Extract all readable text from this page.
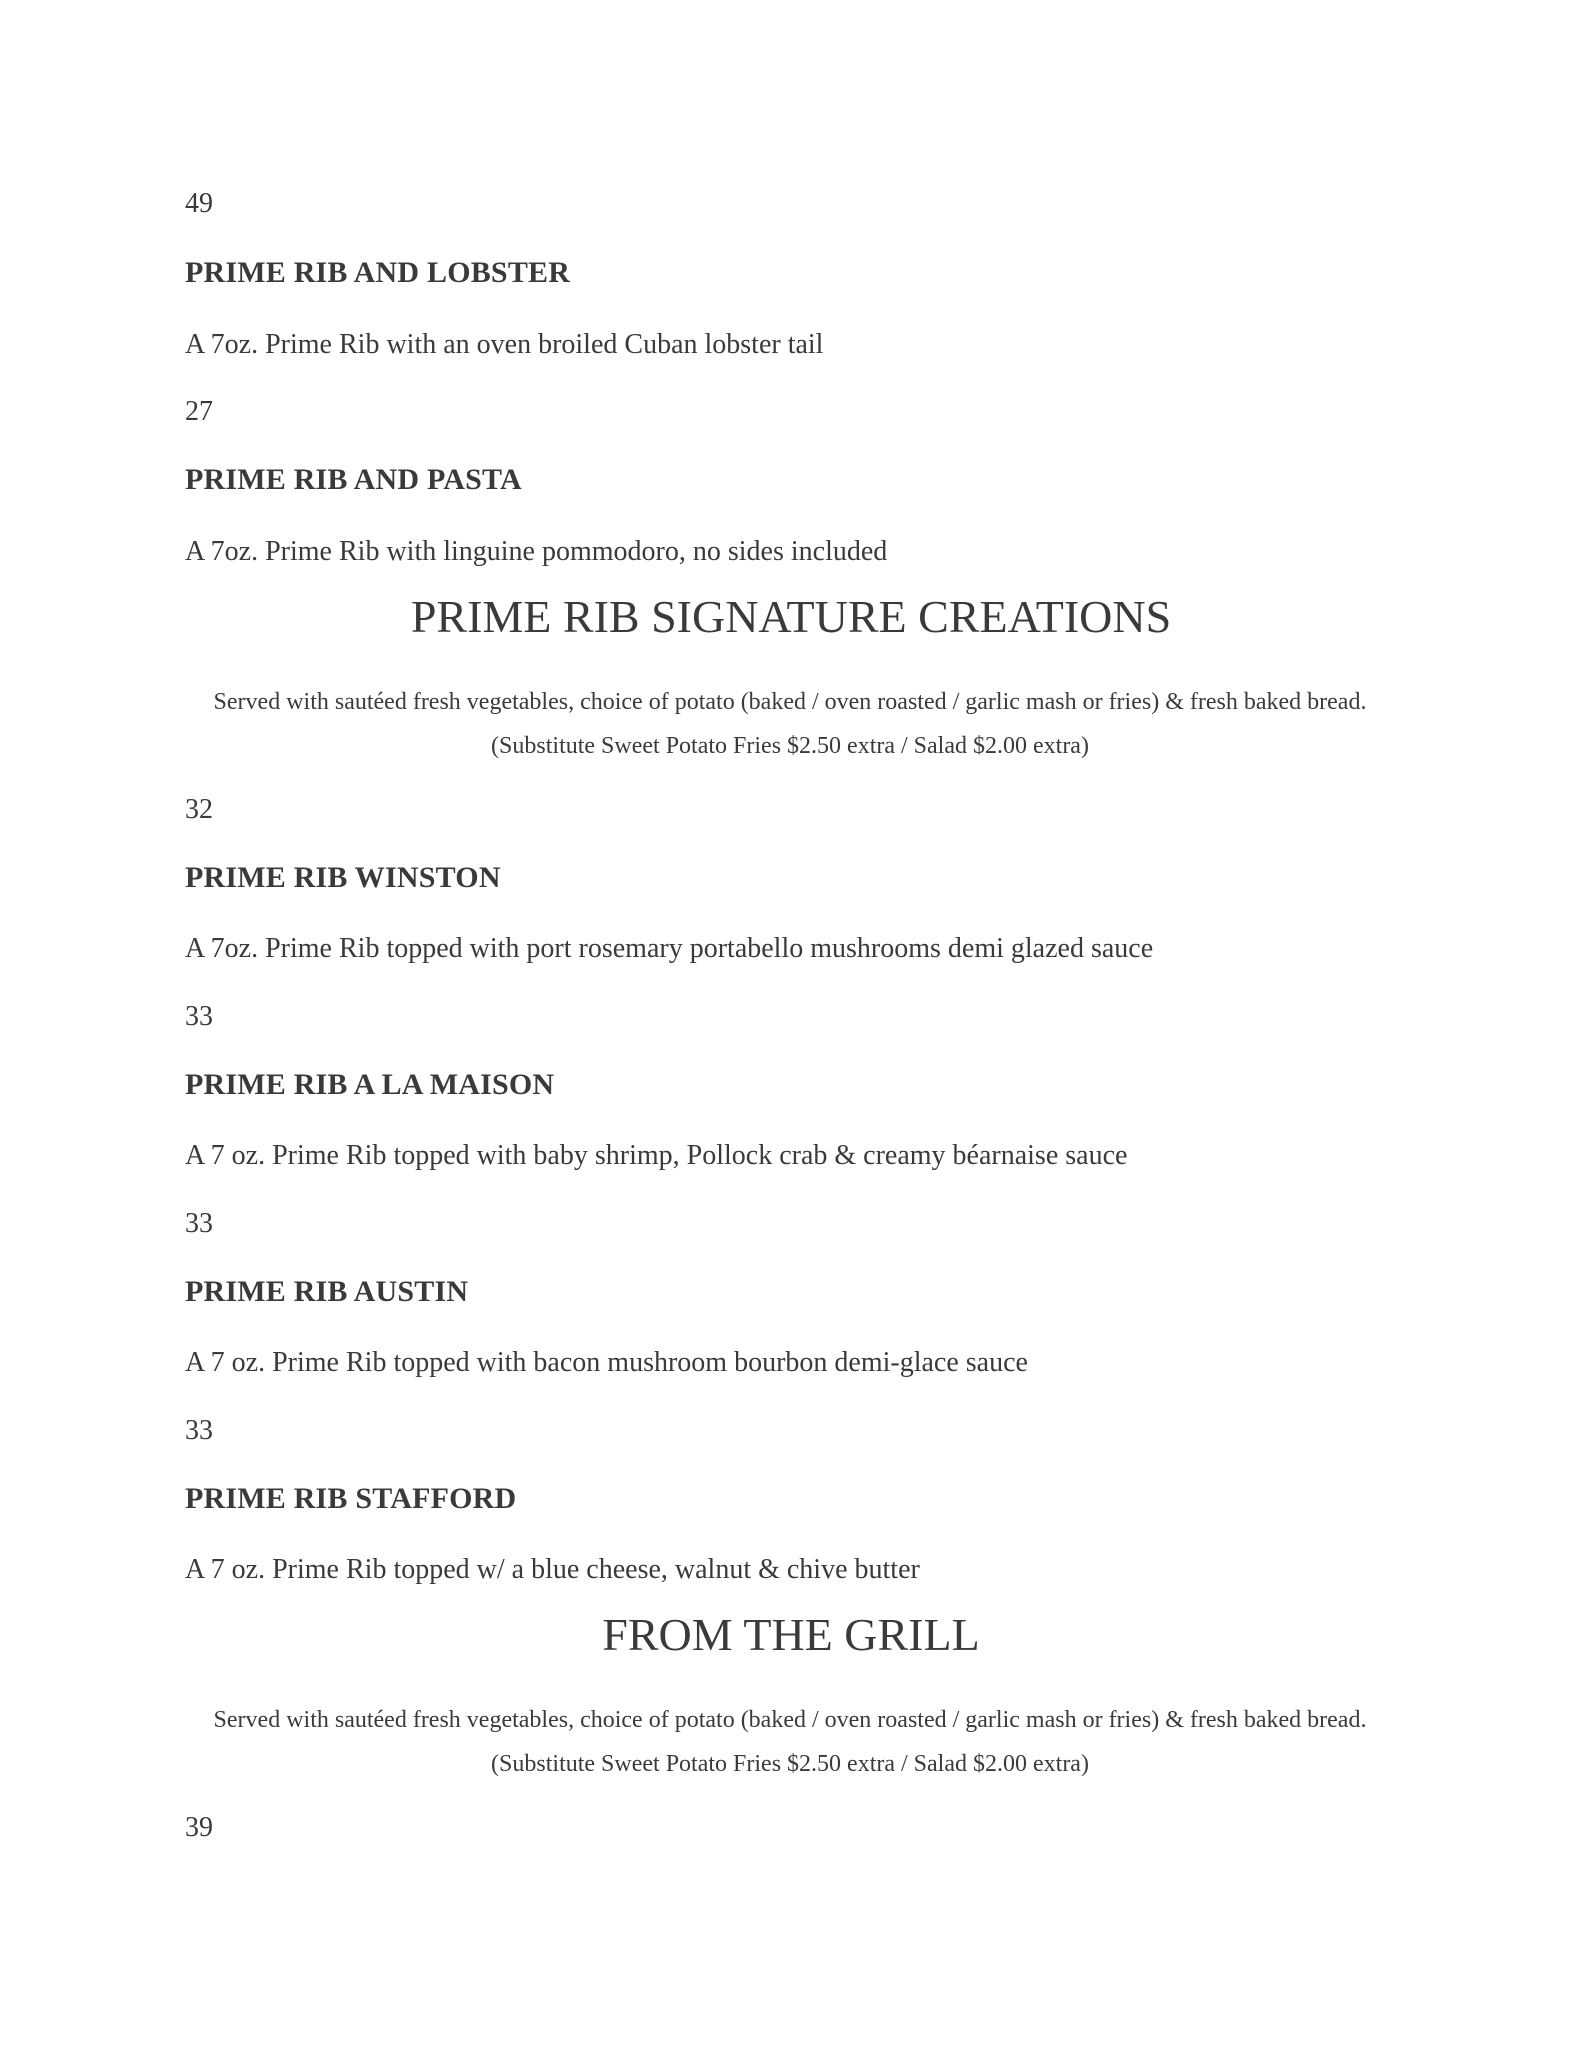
49

PRIME RIB AND LOBSTER

A 7oz. Prime Rib with an oven broiled Cuban lobster tail

27

PRIME RIB AND PASTA

A 7oz. Prime Rib with linguine pommodoro, no sides included

PRIME RIB SIGNATURE CREATIONS

Served with sautéed fresh vegetables, choice of potato (baked / oven roasted / garlic mash or fries) & fresh baked bread. (Substitute Sweet Potato Fries $2.50 extra / Salad $2.00 extra)

32

PRIME RIB WINSTON

A 7oz. Prime Rib topped with port rosemary portabello mushrooms demi glazed sauce

33

PRIME RIB A LA MAISON

A 7 oz. Prime Rib topped with baby shrimp, Pollock crab & creamy béarnaise sauce

33

PRIME RIB AUSTIN

A 7 oz. Prime Rib topped with bacon mushroom bourbon demi-glace sauce

33

PRIME RIB STAFFORD

A 7 oz. Prime Rib topped w/ a blue cheese, walnut & chive butter

FROM THE GRILL

Served with sautéed fresh vegetables, choice of potato (baked / oven roasted / garlic mash or fries) & fresh baked bread. (Substitute Sweet Potato Fries $2.50 extra / Salad $2.00 extra)

39
